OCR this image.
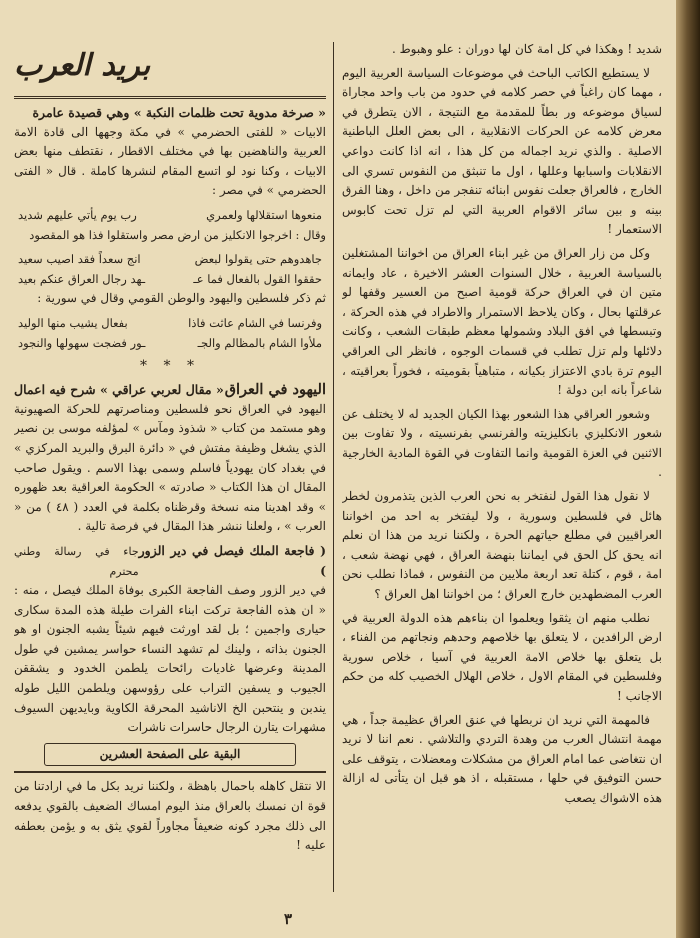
شديد ! وهكذا في كل امة كان لها دوران : علو وهبوط .

لا يستطيع الكاتب الباحث في موضوعات السياسة العربية اليوم ، مهما كان راغباً في حصر كلامه في حدود من باب واحد مجاراة لسياق موضوعه ور بطاً للمقدمة مع النتيجة ، الان يتطرق في معرض كلامه عن الحركات الانقلابية ، الى بعض العلل الباطنية الاصلية . والذي نريد اجماله من كل هذا ، انه اذا كانت دواعي الانقلابات واسبابها وعللها ، اول ما تنبثق من النفوس تسري الى الخارج ، فالعراق جعلت نفوس ابنائه تنفجر من داخل ، وهنا الفرق بينه و بين سائر الاقوام العربية التي لم تزل تحت كابوس الاستعمار !

وكل من زار العراق من غير ابناء العراق من اخواننا المشتغلين بالسياسة العربية ، خلال السنوات العشر الاخيرة ، عاد وايمانه متين ان في العراق حركة قومية اصبح من العسير وقفها لو عرقلتها بحال ، وكان يلاحظ الاستمرار والاطراد في هذه الحركة ، وتبسطها في افق البلاد وشمولها معظم طبقات الشعب ، وكانت دلائلها ولم تزل تطلب في قسمات الوجوه ، فانظر الى العراقي اليوم ترة بادي الاعتزاز بكيانه ، متباهياً بقوميته ، فخوراً بعراقيته ، شاعراً بانه ابن دولة !

وشعور العراقي هذا الشعور بهذا الكيان الجديد له لا يختلف عن شعور الانكليزي بانكليزيته والفرنسي بفرنسيته ، ولا تفاوت بين الاثنين في العزة القومية وانما التفاوت في القوة المادية الخارجية .

لا نقول هذا القول لنفتخر به نحن العرب الذين يتذمرون لخطر هائل في فلسطين وسورية ، ولا ليفتخر به احد من اخواننا العراقيين في مطلع حياتهم الحرة ، ولكننا نريد من هذا ان نعلم انه يحق كل الحق في ايماننا بنهضة العراق ، فهي نهضة شعب ، امة ، قوم ، كتلة تعد اربعة ملايين من النفوس ، فماذا نطلب نحن العرب المضطهدين خارج العراق ؛ من اخواننا اهل العراق ؟

نطلب منهم ان يثقوا ويعلموا ان بناءهم هذه الدولة العربية في ارض الرافدين ، لا يتعلق بها خلاصهم وحدهم ونجاتهم من الفناء ، بل يتعلق بها خلاص الامة العربية في آسيا ، خلاص سورية وفلسطين في المقام الاول ، خلاص الهلال الخصيب كله من حكم الاجانب !

فالمهمة التي نريد ان نربطها في عنق العراق عظيمة جداً ، هي مهمة انتشال العرب من وهدة التردي والتلاشي . نعم اننا لا نريد ان نتغاضى عما امام العراق من مشكلات ومعضلات ، يتوقف على حسن التوفيق في حلها ، مستقبله ، اذ هو قبل ان يتأتى له ازالة هذه الاشواك يصعب

بريد العرب
« صرخة مدوية تحت ظلمات النكبة » وهي قصيدة عامرة

الابيات « للفتى الحضرمي » في مكة وجهها الى قادة الامة العربية والناهضين بها في مختلف الاقطار ، نقتطف منها بعض الابيات ، وكنا نود لو اتسع المقام لنشرها كاملة . قال « الفتى الحضرمي » في مصر :

منعوها استقلالها ولعمري
رب يوم يأتي عليهم شديد

وقال : اخرجوا الانكليز من ارض مصر واستقلوا فذا هو المقصود

جاهدوهم حتى يقولوا لبعض
انج سعداً فقد اصيب سعيد
حققوا القول بالفعال فما عـ
ـهد رجال العراق عنكم بعيد

ثم ذكر فلسطين واليهود والوطن القومي وقال في سورية :

وفرنسا في الشام عاثت فاذا
بفعال يشيب منها الوليد
ملأوا الشام بالمظالم والجـ
ـور فضجت سهولها والنجود
* * *
اليهود في العراق
« مقال لعربي عراقي » شرح فيه اعمال

اليهود في العراق نحو فلسطين ومناصرتهم للحركة الصهيونية وهو مستمد من كتاب « شذوذ ومآس » لمؤلفه موسى بن نصير الذي يشغل وظيفة مفتش في « دائرة البرق والبريد المركزي » في بغداد كان يهودياً فاسلم وسمى بهذا الاسم . ويقول صاحب المقال ان هذا الكتاب « صادرته » الحكومة العراقية بعد ظهوره » وقد اهدينا منه نسخة وقرظناه بكلمة في العدد ( ٤٨ ) من « العرب » ، ولعلنا ننشر هذا المقال في فرصة تالية .

( فاجعة الملك فيصل في دير الزور )
جاء في رسالة وطني محترم

في دير الزور وصف الفاجعة الكبرى بوفاة الملك فيصل ، منه : « ان هذه الفاجعة تركت ابناء الفرات طيلة هذه المدة سكارى حيارى واجمين ؛ بل لقد اورثت فيهم شيئاً يشبه الجنون او هو الجنون بذاته ، ولينك لم تشهد النساء حواسر يمشين في طول المدينة وعرضها غاديات رائحات يلطمن الخدود و يشققن الجيوب و يسفين التراب على رؤوسهن ويلطمن الليل طوله يندبن و ينتحبن الخ الاناشيد المحرقة الكاوية وبايديهن السيوف مشهرات يتارن الرجال حاسرات ناشرات

البقية على الصفحة العشرين

الا نتقل كاهله باحمال باهظة ، ولكننا نريد بكل ما في ارادتنا من قوة ان نمسك بالعراق منذ اليوم امساك الضعيف بالقوي يدفعه الى ذلك مجرد كونه ضعيفاً مجاوراً لقوي يثق به و يؤمن بعطفه عليه !

٣
